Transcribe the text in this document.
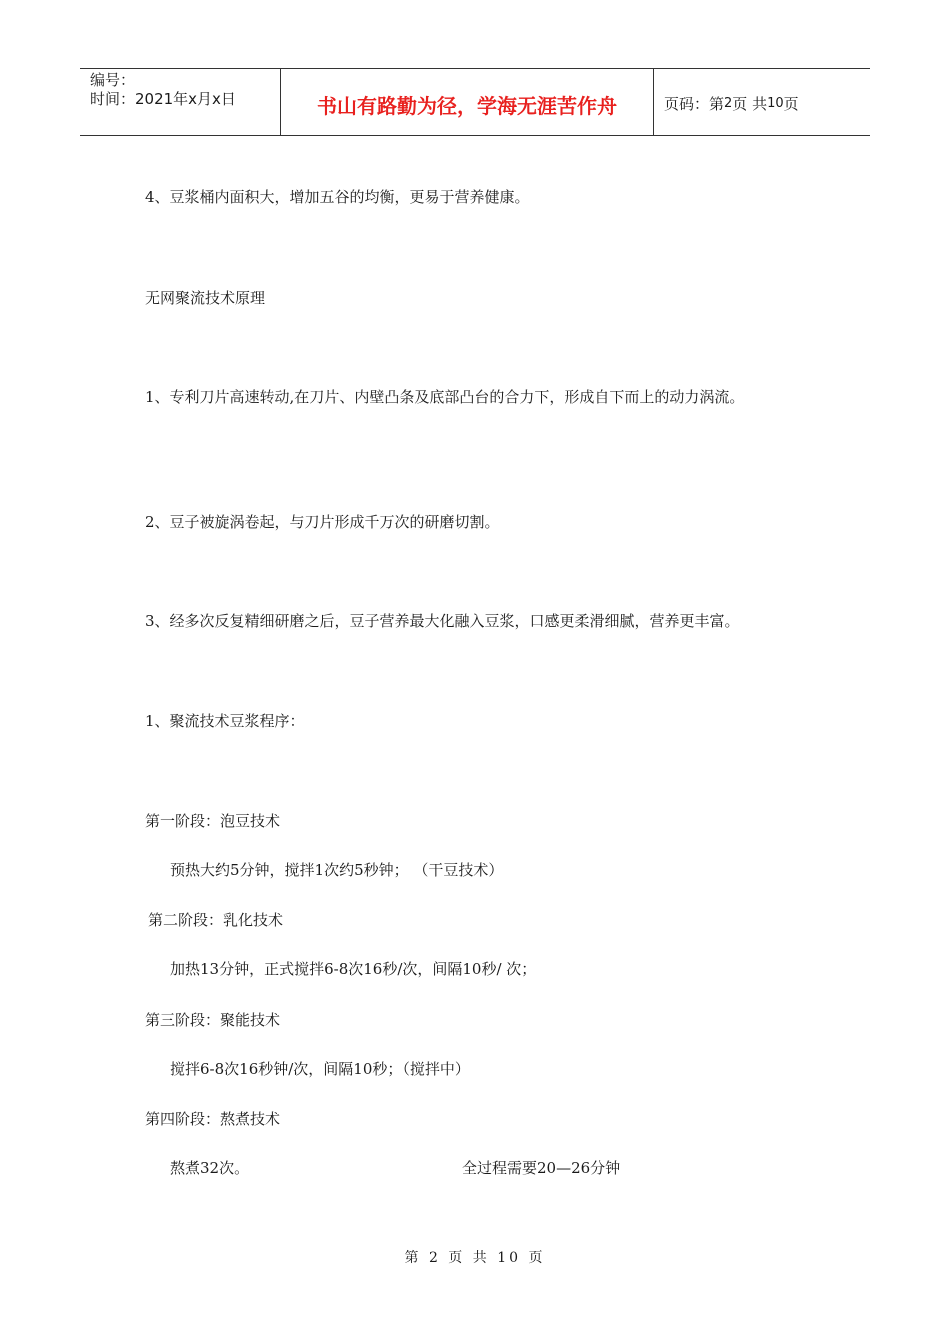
编号：
时间：2021年x月x日	书山有路勤为径，学海无涯苦作舟	页码：第 2 页 共 10 页
4、豆浆桶内面积大，增加五谷的均衡，更易于营养健康。
无网聚流技术原理
1、专利刀片高速转动,在刀片、内壁凸条及底部凸台的合力下，形成自下而上的动力涡流。
2、豆子被旋涡卷起，与刀片形成千万次的研磨切割。
3、经多次反复精细研磨之后，豆子营养最大化融入豆浆，口感更柔滑细腻，营养更丰富。
1、聚流技术豆浆程序：
第一阶段：泡豆技术
预热大约5分钟，搅拌1次约5秒钟； （干豆技术）
第二阶段：乳化技术
加热13分钟，正式搅拌6-8次16秒/次，间隔10秒/ 次；
第三阶段：聚能技术
搅拌6-8次16秒钟/次，间隔10秒；（搅拌中）
第四阶段：熬煮技术
熬煮32次。	全过程需要20—26分钟
第 2 页 共 10 页
